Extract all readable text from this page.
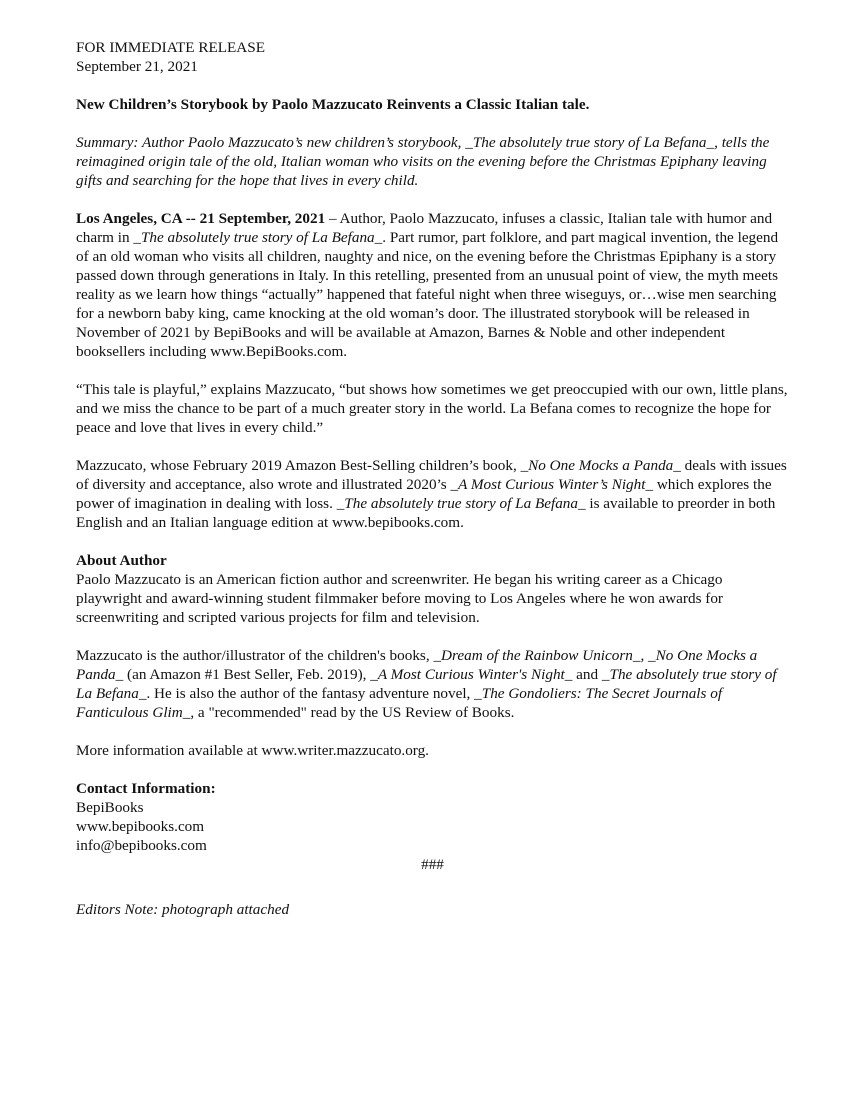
FOR IMMEDIATE RELEASE

September 21, 2021

New Children’s Storybook by Paolo Mazzucato Reinvents a Classic Italian tale.

Summary: Author Paolo Mazzucato’s new children’s storybook, _The absolutely true story of La Befana_, tells the reimagined origin tale of the old, Italian woman who visits on the evening before the Christmas Epiphany leaving gifts and searching for the hope that lives in every child.

Los Angeles, CA -- 21 September, 2021 – Author, Paolo Mazzucato, infuses a classic, Italian tale with humor and charm in _The absolutely true story of La Befana_. Part rumor, part folklore, and part magical invention, the legend of an old woman who visits all children, naughty and nice, on the evening before the Christmas Epiphany is a story passed down through generations in Italy. In this retelling, presented from an unusual point of view, the myth meets reality as we learn how things “actually” happened that fateful night when three wiseguys, or…wise men searching for a newborn baby king, came knocking at the old woman’s door. The illustrated storybook will be released in November of 2021 by BepiBooks and will be available at Amazon, Barnes & Noble and other independent booksellers including www.BepiBooks.com.

“This tale is playful,” explains Mazzucato, “but shows how sometimes we get preoccupied with our own, little plans, and we miss the chance to be part of a much greater story in the world. La Befana comes to recognize the hope for peace and love that lives in every child.”

Mazzucato, whose February 2019 Amazon Best-Selling children’s book, _No One Mocks a Panda_ deals with issues of diversity and acceptance, also wrote and illustrated 2020’s _A Most Curious Winter’s Night_ which explores the power of imagination in dealing with loss. _The absolutely true story of La Befana_ is available to preorder in both English and an Italian language edition at www.bepibooks.com.

About Author

Paolo Mazzucato is an American fiction author and screenwriter. He began his writing career as a Chicago playwright and award-winning student filmmaker before moving to Los Angeles where he won awards for screenwriting and scripted various projects for film and television.

Mazzucato is the author/illustrator of the children's books, _Dream of the Rainbow Unicorn_, _No One Mocks a Panda_ (an Amazon #1 Best Seller, Feb. 2019), _A Most Curious Winter's Night_ and _The absolutely true story of La Befana_. He is also the author of the fantasy adventure novel, _The Gondoliers: The Secret Journals of Fanticulous Glim_, a "recommended" read by the US Review of Books.

More information available at www.writer.mazzucato.org.

Contact Information:

BepiBooks

www.bepibooks.com

info@bepibooks.com

###

Editors Note: photograph attached
